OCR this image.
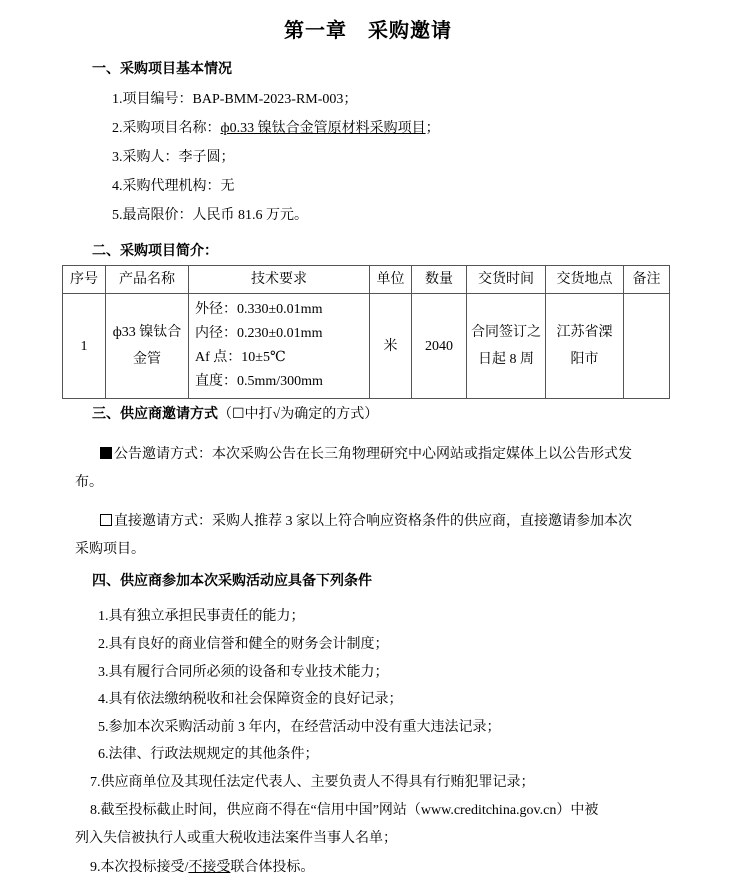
第一章　采购邀请
一、采购项目基本情况
1.项目编号：BAP-BMM-2023-RM-003；
2.采购项目名称：ф0.33 镍钛合金管原材料采购项目；
3.采购人：李子圆；
4.采购代理机构：无
5.最高限价：人民币 81.6 万元。
二、采购项目简介：
序号	产品名称	技术要求	单位	数量	交货时间	交货地点	备注
1	ф33 镍钛合金管	外径：0.330±0.01mm
内径：0.230±0.01mm
Af 点：10±5℃
直度：0.5mm/300mm	米	2040	合同签订之日起 8 周	江苏省溧阳市	
三、供应商邀请方式（☐中打√为确定的方式）
公告邀请方式：本次采购公告在长三角物理研究中心网站或指定媒体上以公告形式发
布。
直接邀请方式：采购人推荐 3 家以上符合响应资格条件的供应商，直接邀请参加本次
采购项目。
四、供应商参加本次采购活动应具备下列条件
1.具有独立承担民事责任的能力；
2.具有良好的商业信誉和健全的财务会计制度；
3.具有履行合同所必须的设备和专业技术能力；
4.具有依法缴纳税收和社会保障资金的良好记录；
5.参加本次采购活动前 3 年内，在经营活动中没有重大违法记录；
6.法律、行政法规规定的其他条件；
7.供应商单位及其现任法定代表人、主要负责人不得具有行贿犯罪记录；
8.截至投标截止时间，供应商不得在“信用中国”网站（www.creditchina.gov.cn）中被
列入失信被执行人或重大税收违法案件当事人名单；
9.本次投标接受/不接受联合体投标。
